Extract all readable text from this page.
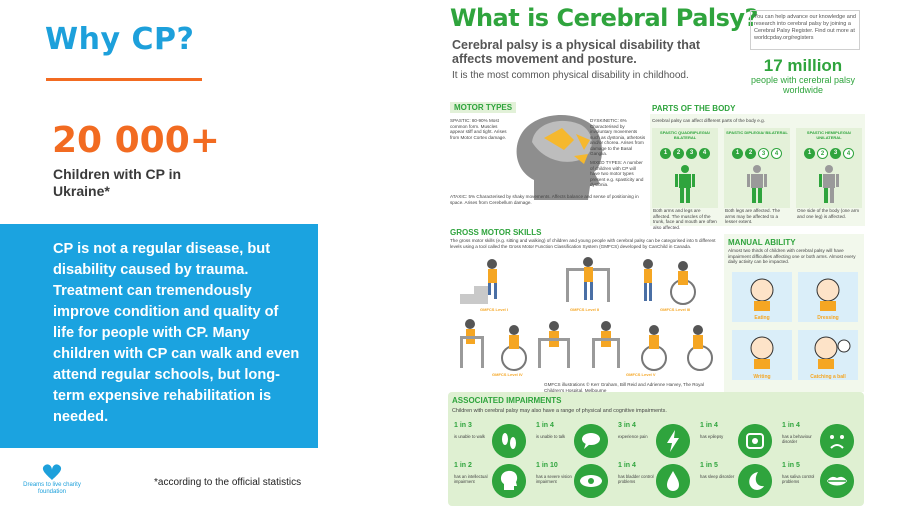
Why CP?
20 000+
Children with CP in Ukraine*
CP is not a regular disease, but disability caused by trauma. Treatment can tremendously improve condition and quality of life for people with CP. Many children with CP can walk and even attend regular schools, but long-term expensive rehabilitation is needed.
Dreams to live charity foundation
*according to the official statistics
What is Cerebral Palsy?
Cerebral palsy is a physical disability that affects movement and posture.
It is the most common physical disability in childhood.
You can help advance our knowledge and research into cerebral palsy by joining a Cerebral Palsy Register. Find out more at worldcpday.org/registers
17 million
people with cerebral palsy worldwide
MOTOR TYPES
SPASTIC: 80-90% Most common form. Muscles appear stiff and tight. Arises from Motor Cortex damage.
DYSKINETIC: 6% Characterised by involuntary movements such as dystonia, athetosis and/or chorea. Arises from damage to the Basal Ganglia.
MIXED TYPES: A number of children with CP will have two motor types present e.g. spasticity and dystonia.
ATAXIC: 5% Characterised by shaky movements. Affects balance and sense of positioning in space. Arises from Cerebellum damage.
PARTS OF THE BODY
Cerebral palsy can affect different parts of the body e.g.
SPASTIC QUADRIPLEGIA/ BILATERAL
1	2	3	4
Both arms and legs are affected. The muscles of the trunk, face and mouth are often also affected.
SPASTIC DIPLEGIA/ BILATERAL
1	2	3	4
Both legs are affected. The arms may be affected to a lesser extent.
SPASTIC HEMIPLEGIA/ UNILATERAL
1	2	3	4
One side of the body (one arm and one leg) is affected.
GROSS MOTOR SKILLS
The gross motor skills (e.g. sitting and walking) of children and young people with cerebral palsy can be categorised into 5 different levels using a tool called the Gross Motor Function Classification System (GMFCS) developed by CanChild in Canada.
GMFCS Level I	GMFCS Level II	GMFCS Level III
GMFCS Level IV
GMFCS illustrations © Kerr Graham, Bill Reid and Adrienne Harvey, The Royal Children's Hospital, Melbourne
GMFCS Level V
MANUAL ABILITY
Almost two thirds of children with cerebral palsy will have impairment difficulties affecting one or both arms. Almost every daily activity can be impacted.
Eating	Dressing
Writing	Catching a ball
ASSOCIATED IMPAIRMENTS
Children with cerebral palsy may also have a range of physical and cognitive impairments.
1 in 3
is unable to walk
1 in 4
is unable to talk
3 in 4
experience pain
1 in 4
has epilepsy
1 in 4
has a behaviour disorder
1 in 2
has an intellectual impairment
1 in 10
has a severe vision impairment
1 in 4
has bladder control problems
1 in 5
has sleep disorder
1 in 5
has saliva control problems
